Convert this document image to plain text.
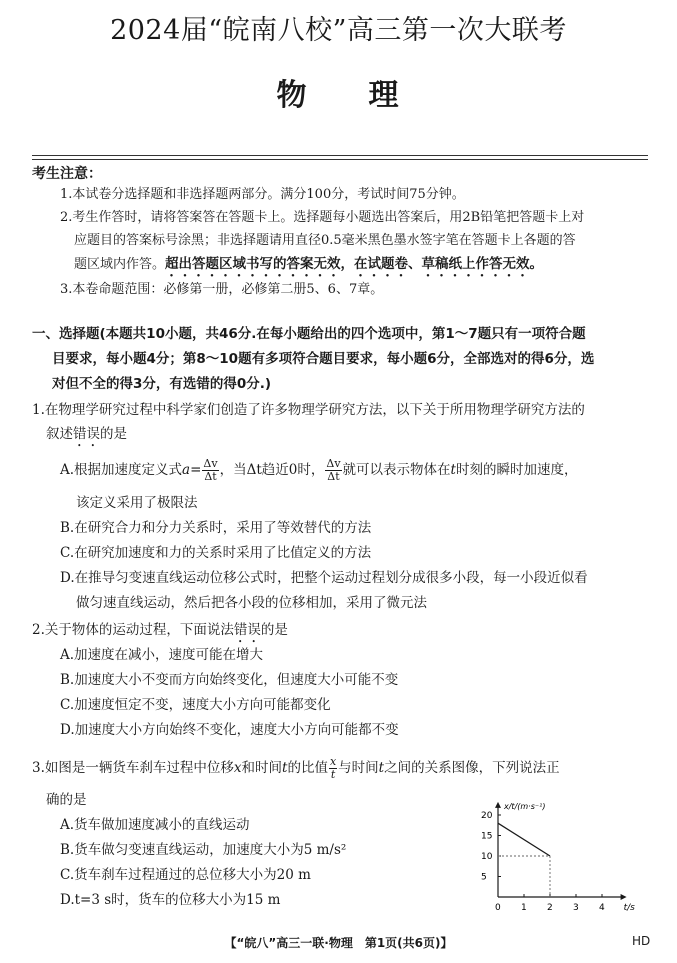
2024届“皖南八校”高三第一次大联考
物 理
考生注意：
1.本试卷分选择题和非选择题两部分。满分100分，考试时间75分钟。
2.考生作答时，请将答案答在答题卡上。选择题每小题选出答案后，用2B铅笔把答题卡上对
应题目的答案标号涂黑；非选择题请用直径0.5毫米黑色墨水签字笔在答题卡上各题的答
题区域内作答。超出答题区域书写的答案无效，在试题卷、草稿纸上作答无效。
3.本卷命题范围：必修第一册，必修第二册5、6、7章。
一、选择题(本题共10小题，共46分.在每小题给出的四个选项中，第1～7题只有一项符合题
目要求，每小题4分；第8～10题有多项符合题目要求，每小题6分，全部选对的得6分，选
对但不全的得3分，有选错的得0分.)
1.在物理学研究过程中科学家们创造了许多物理学研究方法，以下关于所用物理学研究方法的
叙述错误的是
A.根据加速度定义式$a= \frac{\Delta v}{\Delta t}$ ，当Δt趋近0时， $\frac{\Delta v}{\Delta t}$ 就可以表示物体在t时刻的瞬时加速度，
该定义采用了极限法
B.在研究合力和分力关系时，采用了等效替代的方法
C.在研究加速度和力的关系时采用了比值定义的方法
D.在推导匀变速直线运动位移公式时，把整个运动过程划分成很多小段，每一小段近似看
做匀速直线运动，然后把各小段的位移相加，采用了微元法
2.关于物体的运动过程，下面说法错误的是
A.加速度在减小，速度可能在增大
B.加速度大小不变而方向始终变化，但速度大小可能不变
C.加速度恒定不变，速度大小方向可能都变化
D.加速度大小方向始终不变化，速度大小方向可能都不变
3.如图是一辆货车刹车过程中位移x和时间t的比值 $\frac{x}{t}$ 与时间t之间的关系图像，下列说法正
确的是
A.货车做加速度减小的直线运动
B.货车做匀变速直线运动，加速度大小为5 m/s²
C.货车刹车过程通过的总位移大小为20 m
D.t=3 s时，货车的位移大小为15 m
x/t/(m·s⁻¹)
t/s
0 1 2 3 4
5
10
15
20
【“皖八”高三一联·物理　第1页(共6页)】	HD
